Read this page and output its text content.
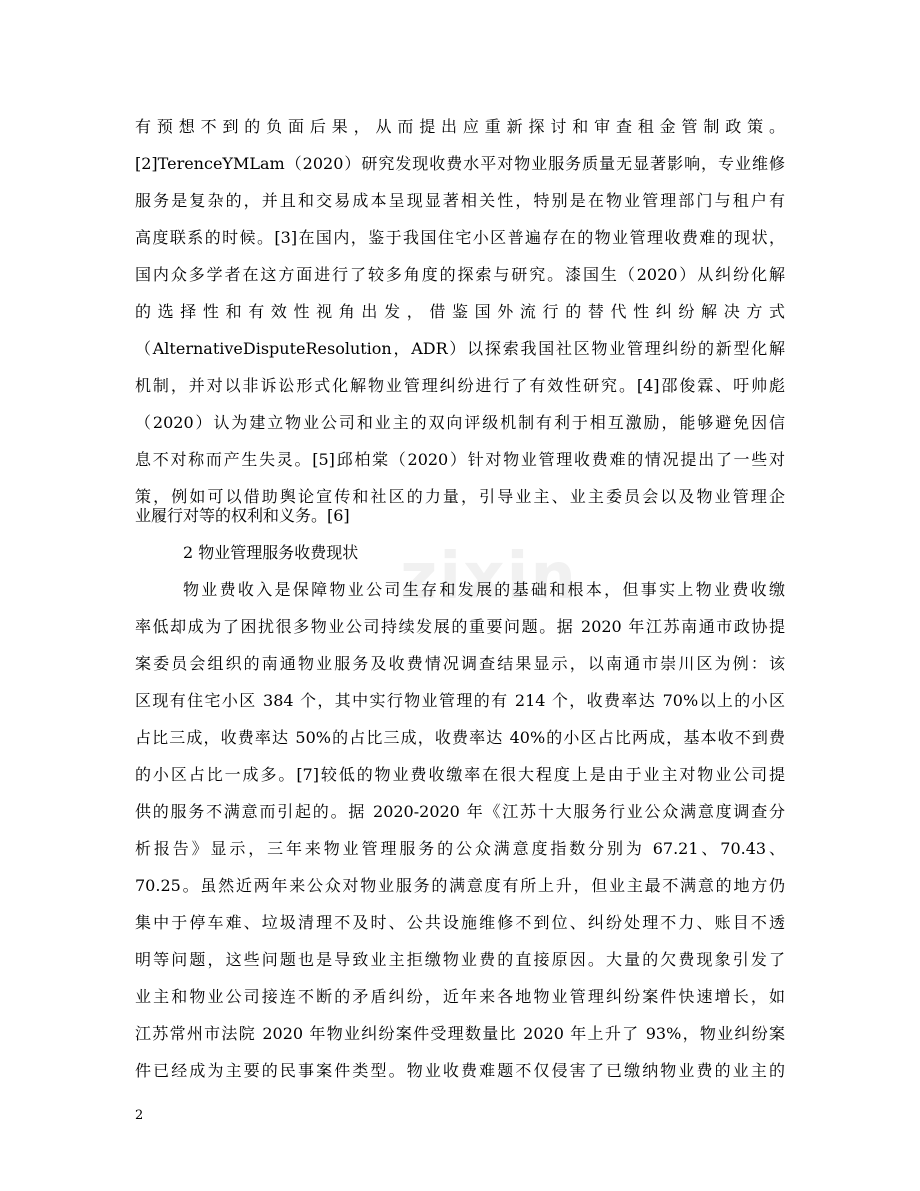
zixin
有预想不到的负面后果，从而提出应重新探讨和审查租金管制政策。
[2]TerenceYMLam（2020）研究发现收费水平对物业服务质量无显著影响，专业维修
服务是复杂的，并且和交易成本呈现显著相关性，特别是在物业管理部门与租户有
高度联系的时候。[3]在国内，鉴于我国住宅小区普遍存在的物业管理收费难的现状，
国内众多学者在这方面进行了较多角度的探索与研究。漆国生（2020）从纠纷化解
的选择性和有效性视角出发，借鉴国外流行的替代性纠纷解决方式
（AlternativeDisputeResolution，ADR）以探索我国社区物业管理纠纷的新型化解
机制，并对以非诉讼形式化解物业管理纠纷进行了有效性研究。[4]邵俊霖、吁帅彪
（2020）认为建立物业公司和业主的双向评级机制有利于相互激励，能够避免因信
息不对称而产生失灵。[5]邱柏棠（2020）针对物业管理收费难的情况提出了一些对
策，例如可以借助舆论宣传和社区的力量，引导业主、业主委员会以及物业管理企
业履行对等的权利和义务。[6]
2 物业管理服务收费现状
物业费收入是保障物业公司生存和发展的基础和根本，但事实上物业费收缴
率低却成为了困扰很多物业公司持续发展的重要问题。据 2020 年江苏南通市政协提
案委员会组织的南通物业服务及收费情况调查结果显示，以南通市崇川区为例：该
区现有住宅小区 384 个，其中实行物业管理的有 214 个，收费率达 70%以上的小区
占比三成，收费率达 50%的占比三成，收费率达 40%的小区占比两成，基本收不到费
的小区占比一成多。[7]较低的物业费收缴率在很大程度上是由于业主对物业公司提
供的服务不满意而引起的。据 2020-2020 年《江苏十大服务行业公众满意度调查分
析报告》显示，三年来物业管理服务的公众满意度指数分别为 67.21、70.43、
70.25。虽然近两年来公众对物业服务的满意度有所上升，但业主最不满意的地方仍
集中于停车难、垃圾清理不及时、公共设施维修不到位、纠纷处理不力、账目不透
明等问题，这些问题也是导致业主拒缴物业费的直接原因。大量的欠费现象引发了
业主和物业公司接连不断的矛盾纠纷，近年来各地物业管理纠纷案件快速增长，如
江苏常州市法院 2020 年物业纠纷案件受理数量比 2020 年上升了 93%，物业纠纷案
件已经成为主要的民事案件类型。物业收费难题不仅侵害了已缴纳物业费的业主的
2
